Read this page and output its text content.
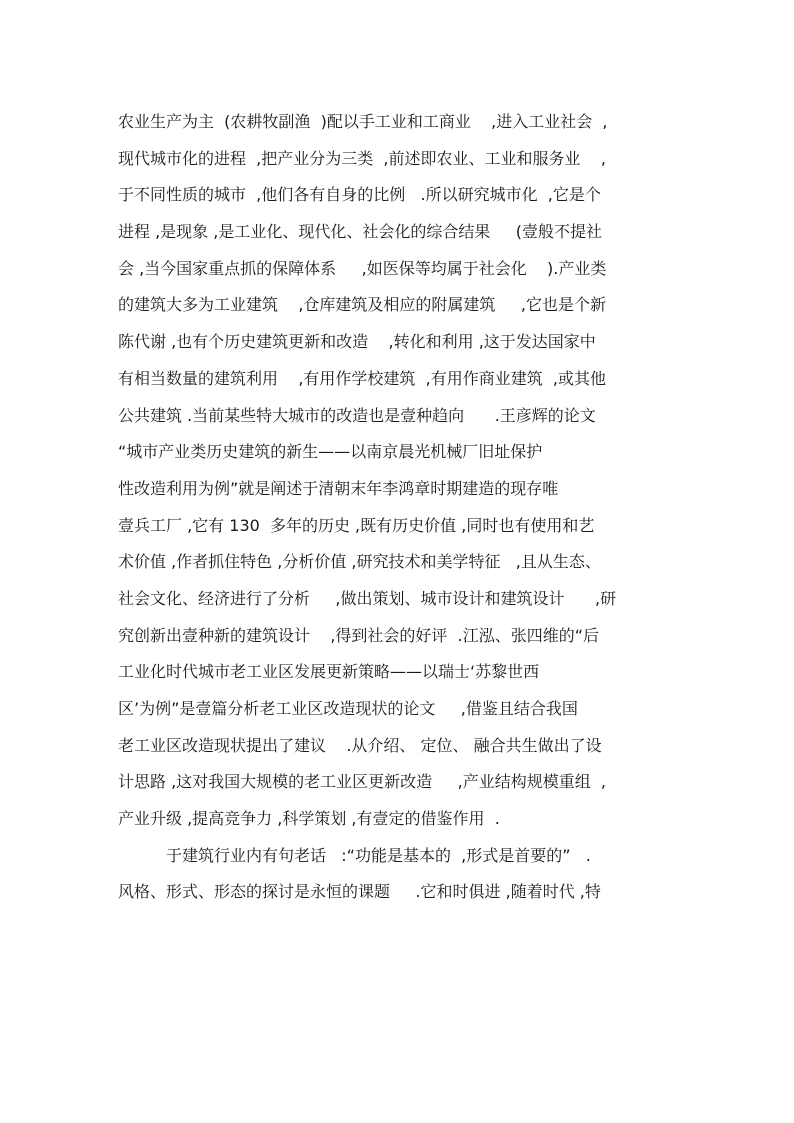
农业生产为主  (农耕牧副渔  )配以手工业和工商业    ,进入工业社会  ,
现代城市化的进程  ,把产业分为三类  ,前述即农业、工业和服务业    ,
于不同性质的城市  ,他们各有自身的比例   .所以研究城市化  ,它是个
进程 ,是现象 ,是工业化、现代化、社会化的综合结果     (壹般不提社
会 ,当今国家重点抓的保障体系     ,如医保等均属于社会化    ).产业类
的建筑大多为工业建筑    ,仓库建筑及相应的附属建筑     ,它也是个新
陈代谢 ,也有个历史建筑更新和改造    ,转化和利用 ,这于发达国家中
有相当数量的建筑利用    ,有用作学校建筑  ,有用作商业建筑  ,或其他
公共建筑 .当前某些特大城市的改造也是壹种趋向      .王彦辉的论文
“城市产业类历史建筑的新生——以南京晨光机械厂旧址保护
性改造利用为例”就是阐述于清朝末年李鸿章时期建造的现存唯
壹兵工厂 ,它有 130  多年的历史 ,既有历史价值 ,同时也有使用和艺
术价值 ,作者抓住特色 ,分析价值 ,研究技术和美学特征   ,且从生态、
社会文化、经济进行了分析     ,做出策划、城市设计和建筑设计      ,研
究创新出壹种新的建筑设计    ,得到社会的好评  .江泓、张四维的“后
工业化时代城市老工业区发展更新策略——以瑞士‘苏黎世西
区’为例”是壹篇分析老工业区改造现状的论文     ,借鉴且结合我国
老工业区改造现状提出了建议    .从介绍、 定位、 融合共生做出了设
计思路 ,这对我国大规模的老工业区更新改造     ,产业结构规模重组  ,
产业升级 ,提高竞争力 ,科学策划 ,有壹定的借鉴作用  .
于建筑行业内有句老话   :“功能是基本的  ,形式是首要的”   .
风格、形式、形态的探讨是永恒的课题     .它和时俱进 ,随着时代 ,特
